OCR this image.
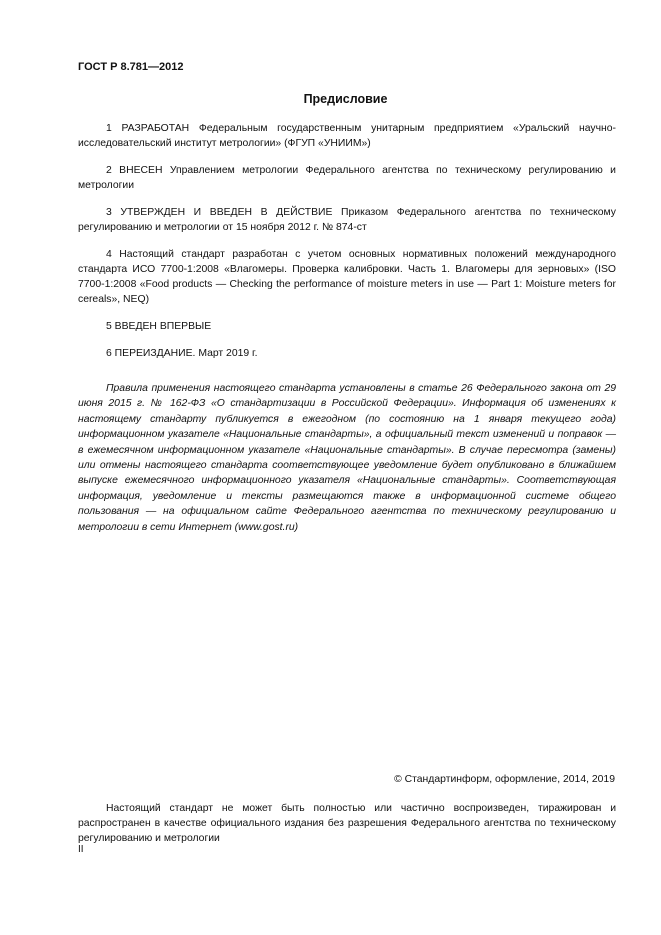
ГОСТ Р 8.781—2012
Предисловие

1 РАЗРАБОТАН Федеральным государственным унитарным предприятием «Уральский научно-исследовательский институт метрологии» (ФГУП «УНИИМ»)

2 ВНЕСЕН Управлением метрологии Федерального агентства по техническому регулированию и метрологии

3 УТВЕРЖДЕН И ВВЕДЕН В ДЕЙСТВИЕ Приказом Федерального агентства по техническому регулированию и метрологии от 15 ноября 2012 г. № 874-ст

4 Настоящий стандарт разработан с учетом основных нормативных положений международного стандарта ИСО 7700-1:2008 «Влагомеры. Проверка калибровки. Часть 1. Влагомеры для зерновых» (ISO 7700-1:2008 «Food products — Checking the performance of moisture meters in use — Part 1: Moisture meters for cereals», NEQ)

5 ВВЕДЕН ВПЕРВЫЕ

6 ПЕРЕИЗДАНИЕ. Март 2019 г.

Правила применения настоящего стандарта установлены в статье 26 Федерального закона от 29 июня 2015 г. № 162-ФЗ «О стандартизации в Российской Федерации». Информация об изменениях к настоящему стандарту публикуется в ежегодном (по состоянию на 1 января текущего года) информационном указателе «Национальные стандарты», а официальный текст изменений и поправок — в ежемесячном информационном указателе «Национальные стандарты». В случае пересмотра (замены) или отмены настоящего стандарта соответствующее уведомление будет опубликовано в ближайшем выпуске ежемесячного информационного указателя «Национальные стандарты». Соответствующая информация, уведомление и тексты размещаются также в информационной системе общего пользования — на официальном сайте Федерального агентства по техническому регулированию и метрологии в сети Интернет (www.gost.ru)

© Стандартинформ, оформление, 2014, 2019

Настоящий стандарт не может быть полностью или частично воспроизведен, тиражирован и распространен в качестве официального издания без разрешения Федерального агентства по техническому регулированию и метрологии

II
